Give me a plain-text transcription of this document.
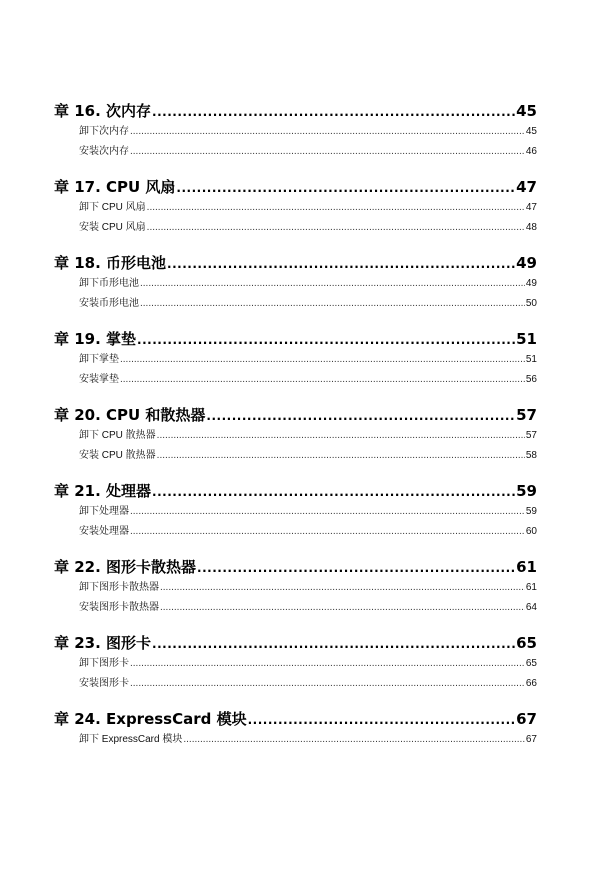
章 16. 次内存 .....	45
卸下次内存 .....	45
安装次内存 .....	46
章 17. CPU 风扇 .....	47
卸下 CPU 风扇 .....	47
安装 CPU 风扇 .....	48
章 18. 币形电池 .....	49
卸下币形电池 .....	49
安装币形电池 .....	50
章 19. 掌垫 .....	51
卸下掌垫 .....	51
安装掌垫 .....	56
章 20. CPU 和散热器 .....	57
卸下 CPU 散热器 .....	57
安装 CPU 散热器 .....	58
章 21. 处理器 .....	59
卸下处理器 .....	59
安装处理器 .....	60
章 22. 图形卡散热器 .....	61
卸下图形卡散热器 .....	61
安装图形卡散热器 .....	64
章 23. 图形卡 .....	65
卸下图形卡 .....	65
安装图形卡 .....	66
章 24. ExpressCard 模块 .....	67
卸下 ExpressCard 模块 .....	67
